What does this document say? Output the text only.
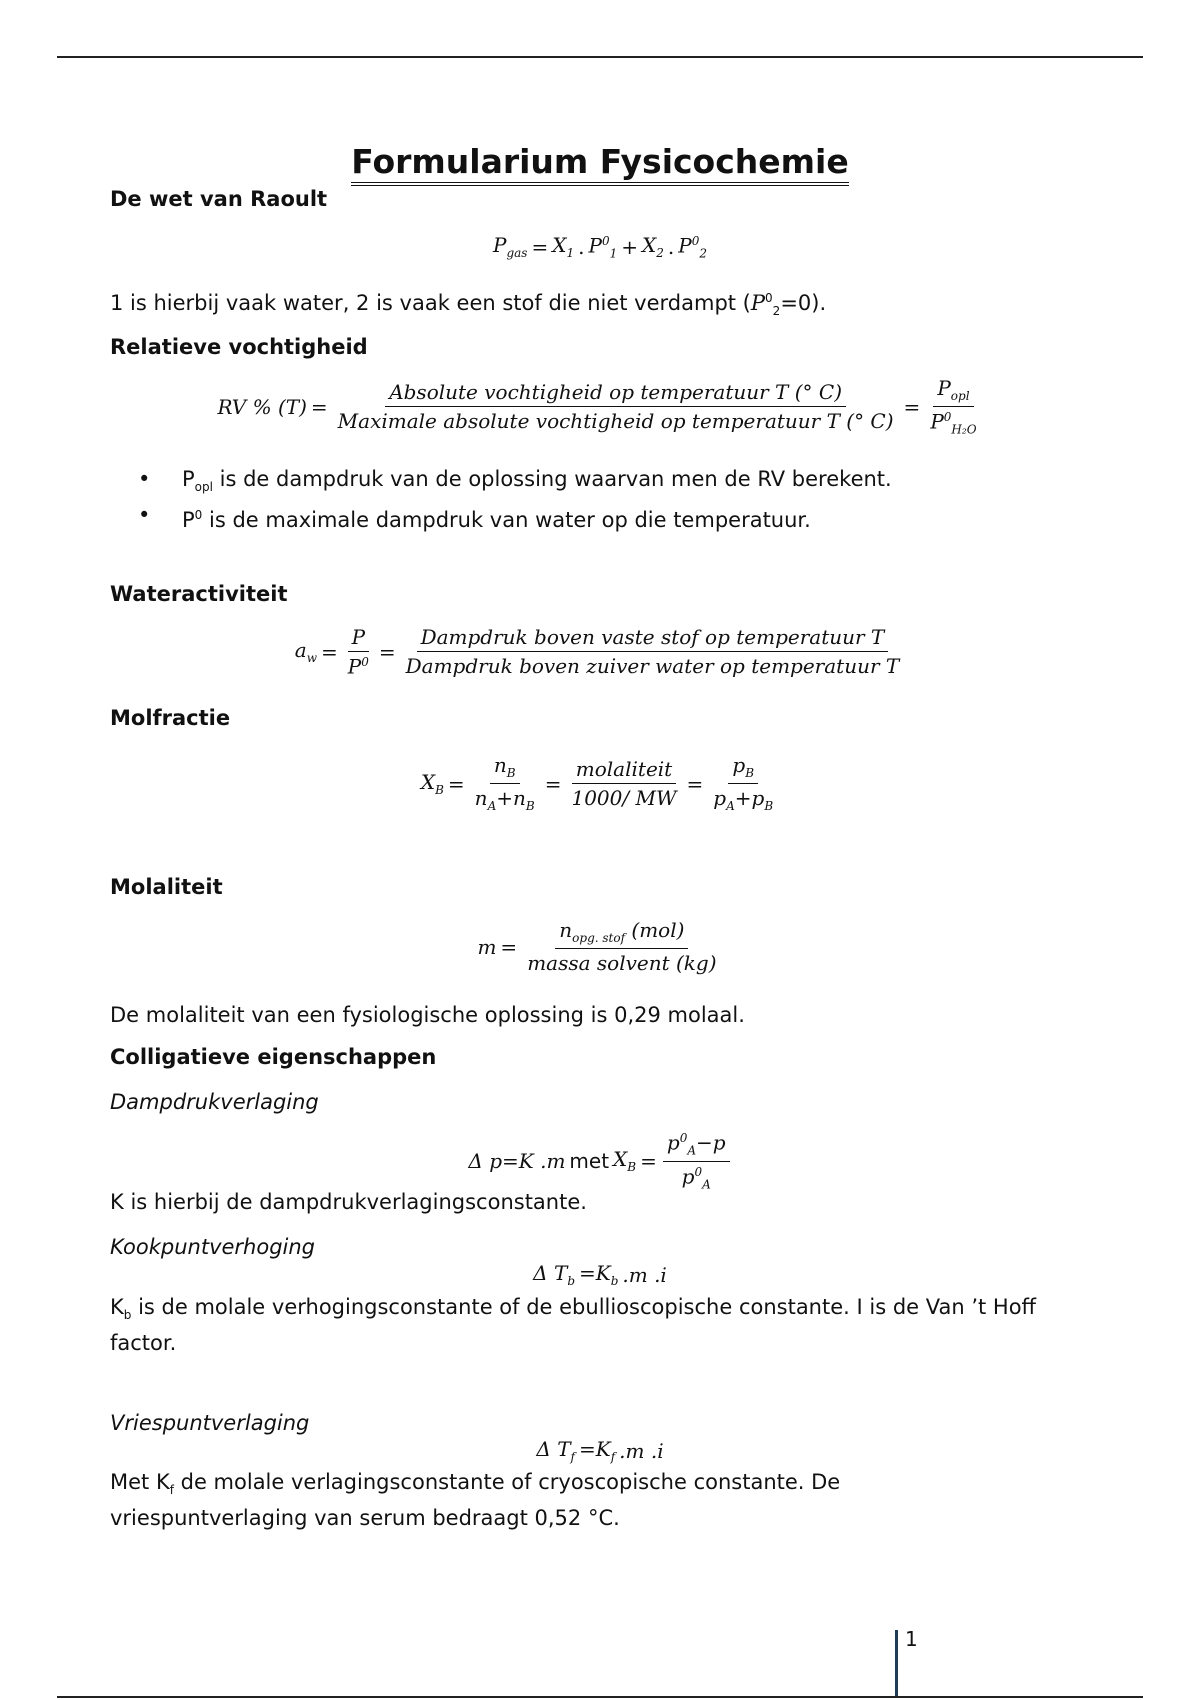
Formularium Fysicochemie
De wet van Raoult
$P_{gas} = X_1$ . $P^0_1 + X_2$ . $P^0_2$
1 is hierbij vaak water, 2 is vaak een stof die niet verdampt $(P^0_2=0)$.
Relatieve vochtigheid
RV % $(T) = \frac{\text{Absolute vochtigheid op temperatuur T (° C)}}{\text{Maximale absolute vochtigheid op temperatuur T (° C)}} = \frac{P_{opl}}{P^0_{H_2O}}$
• $P_{opl}$ is de dampdruk van de oplossing waarvan men de RV berekent.
• $P^0$ is de maximale dampdruk van water op die temperatuur.
Wateractiviteit
$a_w = \frac{P}{P^0} = \frac{\text{Dampdruk boven vaste stof op temperatuur T}}{\text{Dampdruk boven zuiver water op temperatuur T}}$
Molfractie
$X_B = \frac{n_B}{n_A+n_B} = \frac{\text{molaliteit}}{1000/ MW} = \frac{p_B}{p_A+p_B}$
Molaliteit
$m = \frac{n_{opg. stof} (mol)}{\text{massa solvent (kg)}}$
De molaliteit van een fysiologische oplossing is 0,29 molaal.
Colligatieve eigenschappen
Dampdrukverlaging
Δ p=K .m met $X_B = \frac{p^0_A-p}{p^0_A}$
K is hierbij de dampdrukverlagingsconstante.
Kookpuntverhoging
Δ $T_b =K_b$ .m .i
$K_b$ is de molale verhogingsconstante of de ebullioscopische constante. I is de Van ’t Hoff
factor.
Vriespuntverlaging
Δ $T_f =K_f$ .m .i
Met $K_f$ de molale verlagingsconstante of cryoscopische constante. De
vriespuntverlaging van serum bedraagt 0,52 °C.
1
